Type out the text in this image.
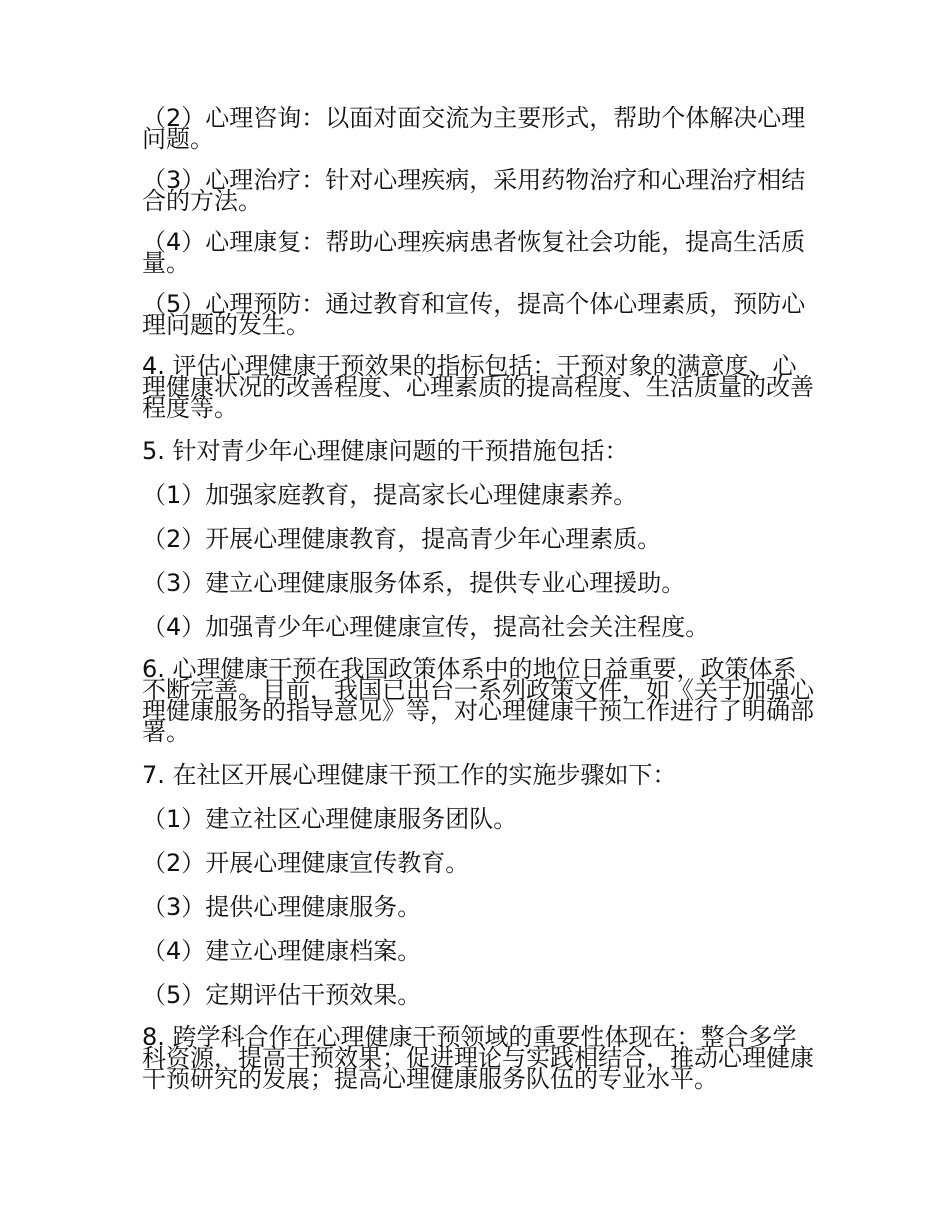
（2）心理咨询：以面对面交流为主要形式，帮助个体解决心理问题。

（3）心理治疗：针对心理疾病，采用药物治疗和心理治疗相结合的方法。

（4）心理康复：帮助心理疾病患者恢复社会功能，提高生活质量。

（5）心理预防：通过教育和宣传，提高个体心理素质，预防心理问题的发生。

4. 评估心理健康干预效果的指标包括：干预对象的满意度、心理健康状况的改善程度、心理素质的提高程度、生活质量的改善程度等。

5. 针对青少年心理健康问题的干预措施包括：

（1）加强家庭教育，提高家长心理健康素养。

（2）开展心理健康教育，提高青少年心理素质。

（3）建立心理健康服务体系，提供专业心理援助。

（4）加强青少年心理健康宣传，提高社会关注程度。

6. 心理健康干预在我国政策体系中的地位日益重要，政策体系不断完善。目前，我国已出台一系列政策文件，如《关于加强心理健康服务的指导意见》等，对心理健康干预工作进行了明确部署。

7. 在社区开展心理健康干预工作的实施步骤如下：

（1）建立社区心理健康服务团队。

（2）开展心理健康宣传教育。

（3）提供心理健康服务。

（4）建立心理健康档案。

（5）定期评估干预效果。

8. 跨学科合作在心理健康干预领域的重要性体现在：整合多学科资源，提高干预效果；促进理论与实践相结合，推动心理健康干预研究的发展；提高心理健康服务队伍的专业水平。
